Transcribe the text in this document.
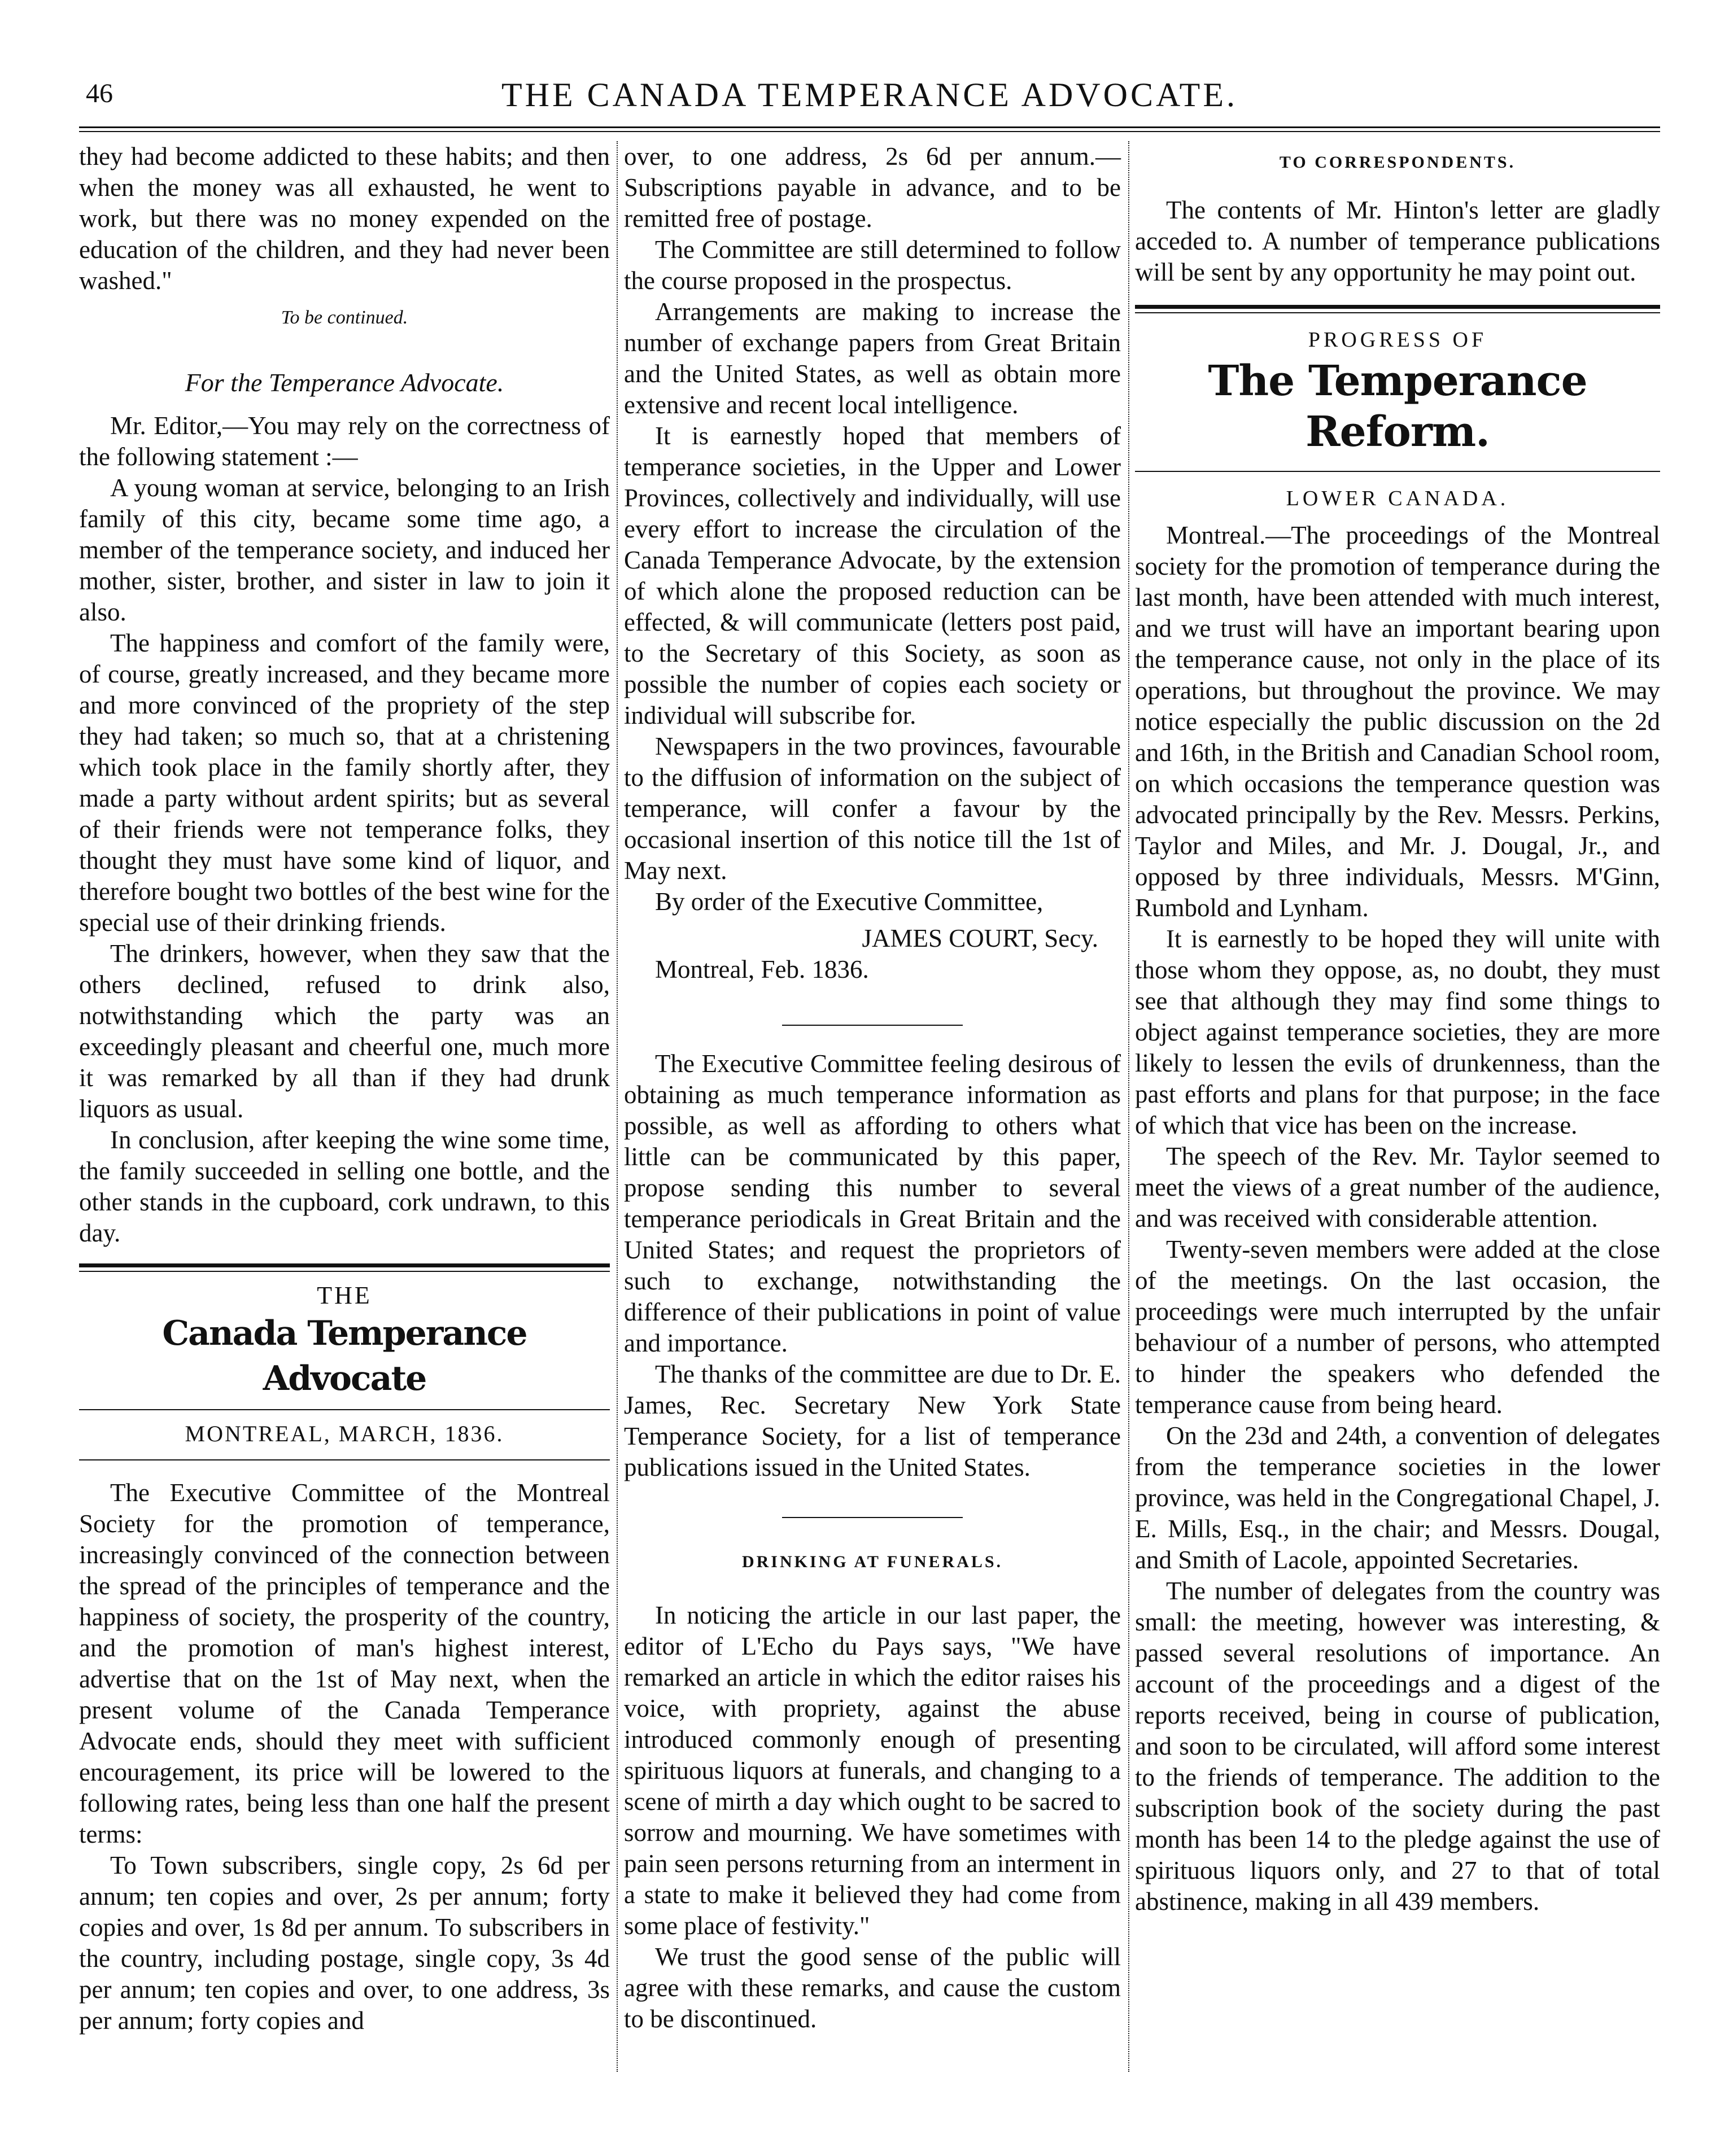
46	THE CANADA TEMPERANCE ADVOCATE.

they had become addicted to these habits; and then when the money was all exhausted, he went to work, but there was no money expended on the education of the children, and they had never been washed."

To be continued.

For the Temperance Advocate.

Mr. Editor,—You may rely on the correctness of the following statement :—

A young woman at service, belonging to an Irish family of this city, became some time ago, a member of the temperance society, and induced her mother, sister, brother, and sister in law to join it also.

The happiness and comfort of the family were, of course, greatly increased, and they became more and more convinced of the propriety of the step they had taken; so much so, that at a christening which took place in the family shortly after, they made a party without ardent spirits; but as several of their friends were not temperance folks, they thought they must have some kind of liquor, and therefore bought two bottles of the best wine for the special use of their drinking friends.

The drinkers, however, when they saw that the others declined, refused to drink also, notwithstanding which the party was an exceedingly pleasant and cheerful one, much more it was remarked by all than if they had drunk liquors as usual.

In conclusion, after keeping the wine some time, the family succeeded in selling one bottle, and the other stands in the cupboard, cork undrawn, to this day.

THE

Canada Temperance Advocate

MONTREAL, MARCH, 1836.

The Executive Committee of the Montreal Society for the promotion of temperance, increasingly convinced of the connection between the spread of the principles of temperance and the happiness of society, the prosperity of the country, and the promotion of man's highest interest, advertise that on the 1st of May next, when the present volume of the Canada Temperance Advocate ends, should they meet with sufficient encouragement, its price will be lowered to the following rates, being less than one half the present terms:

To Town subscribers, single copy, 2s 6d per annum; ten copies and over, 2s per annum; forty copies and over, 1s 8d per annum. To subscribers in the country, including postage, single copy, 3s 4d per annum; ten copies and over, to one address, 3s per annum; forty copies and

over, to one address, 2s 6d per annum.—Subscriptions payable in advance, and to be remitted free of postage.

The Committee are still determined to follow the course proposed in the prospectus.

Arrangements are making to increase the number of exchange papers from Great Britain and the United States, as well as obtain more extensive and recent local intelligence.

It is earnestly hoped that members of temperance societies, in the Upper and Lower Provinces, collectively and individually, will use every effort to increase the circulation of the Canada Temperance Advocate, by the extension of which alone the proposed reduction can be effected, & will communicate (letters post paid, to the Secretary of this Society, as soon as possible the number of copies each society or individual will subscribe for.

Newspapers in the two provinces, favourable to the diffusion of information on the subject of temperance, will confer a favour by the occasional insertion of this notice till the 1st of May next.

By order of the Executive Committee,

JAMES COURT, Secy.

Montreal, Feb. 1836.

The Executive Committee feeling desirous of obtaining as much temperance information as possible, as well as affording to others what little can be communicated by this paper, propose sending this number to several temperance periodicals in Great Britain and the United States; and request the proprietors of such to exchange, notwithstanding the difference of their publications in point of value and importance.

The thanks of the committee are due to Dr. E. James, Rec. Secretary New York State Temperance Society, for a list of temperance publications issued in the United States.

DRINKING AT FUNERALS.

In noticing the article in our last paper, the editor of L'Echo du Pays says, "We have remarked an article in which the editor raises his voice, with propriety, against the abuse introduced commonly enough of presenting spirituous liquors at funerals, and changing to a scene of mirth a day which ought to be sacred to sorrow and mourning. We have sometimes with pain seen persons returning from an interment in a state to make it believed they had come from some place of festivity."

We trust the good sense of the public will agree with these remarks, and cause the custom to be discontinued.

TO CORRESPONDENTS.

The contents of Mr. Hinton's letter are gladly acceded to. A number of temperance publications will be sent by any opportunity he may point out.

PROGRESS OF

The Temperance Reform.

LOWER CANADA.

Montreal.—The proceedings of the Montreal society for the promotion of temperance during the last month, have been attended with much interest, and we trust will have an important bearing upon the temperance cause, not only in the place of its operations, but throughout the province. We may notice especially the public discussion on the 2d and 16th, in the British and Canadian School room, on which occasions the temperance question was advocated principally by the Rev. Messrs. Perkins, Taylor and Miles, and Mr. J. Dougal, Jr., and opposed by three individuals, Messrs. M'Ginn, Rumbold and Lynham.

It is earnestly to be hoped they will unite with those whom they oppose, as, no doubt, they must see that although they may find some things to object against temperance societies, they are more likely to lessen the evils of drunkenness, than the past efforts and plans for that purpose; in the face of which that vice has been on the increase.

The speech of the Rev. Mr. Taylor seemed to meet the views of a great number of the audience, and was received with considerable attention.

Twenty-seven members were added at the close of the meetings. On the last occasion, the proceedings were much interrupted by the unfair behaviour of a number of persons, who attempted to hinder the speakers who defended the temperance cause from being heard.

On the 23d and 24th, a convention of delegates from the temperance societies in the lower province, was held in the Congregational Chapel, J. E. Mills, Esq., in the chair; and Messrs. Dougal, and Smith of Lacole, appointed Secretaries.

The number of delegates from the country was small: the meeting, however was interesting, & passed several resolutions of importance. An account of the proceedings and a digest of the reports received, being in course of publication, and soon to be circulated, will afford some interest to the friends of temperance. The addition to the subscription book of the society during the past month has been 14 to the pledge against the use of spirituous liquors only, and 27 to that of total abstinence, making in all 439 members.
